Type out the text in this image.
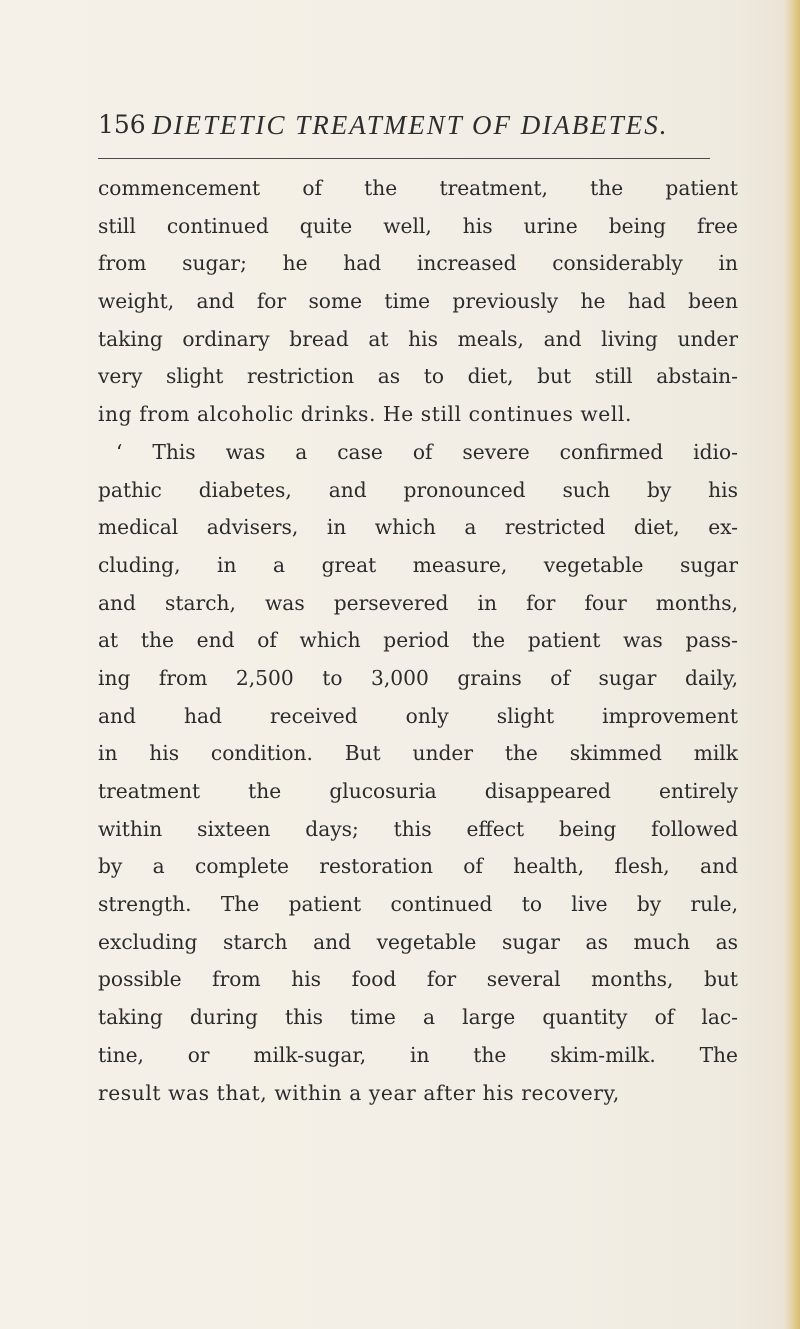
156 DIETETIC TREATMENT OF DIABETES.
commencement of the treatment, the patient
still continued quite well, his urine being free
from sugar; he had increased considerably in
weight, and for some time previously he had been
taking ordinary bread at his meals, and living under
very slight restriction as to diet, but still abstain-
ing from alcoholic drinks. He still continues well.
‘ This was a case of severe confirmed idio-
pathic diabetes, and pronounced such by his
medical advisers, in which a restricted diet, ex-
cluding, in a great measure, vegetable sugar
and starch, was persevered in for four months,
at the end of which period the patient was pass-
ing from 2,500 to 3,000 grains of sugar daily,
and had received only slight improvement
in his condition. But under the skimmed milk
treatment the glucosuria disappeared entirely
within sixteen days; this effect being followed
by a complete restoration of health, flesh, and
strength. The patient continued to live by rule,
excluding starch and vegetable sugar as much as
possible from his food for several months, but
taking during this time a large quantity of lac-
tine, or milk-sugar, in the skim-milk. The
result was that, within a year after his recovery,
